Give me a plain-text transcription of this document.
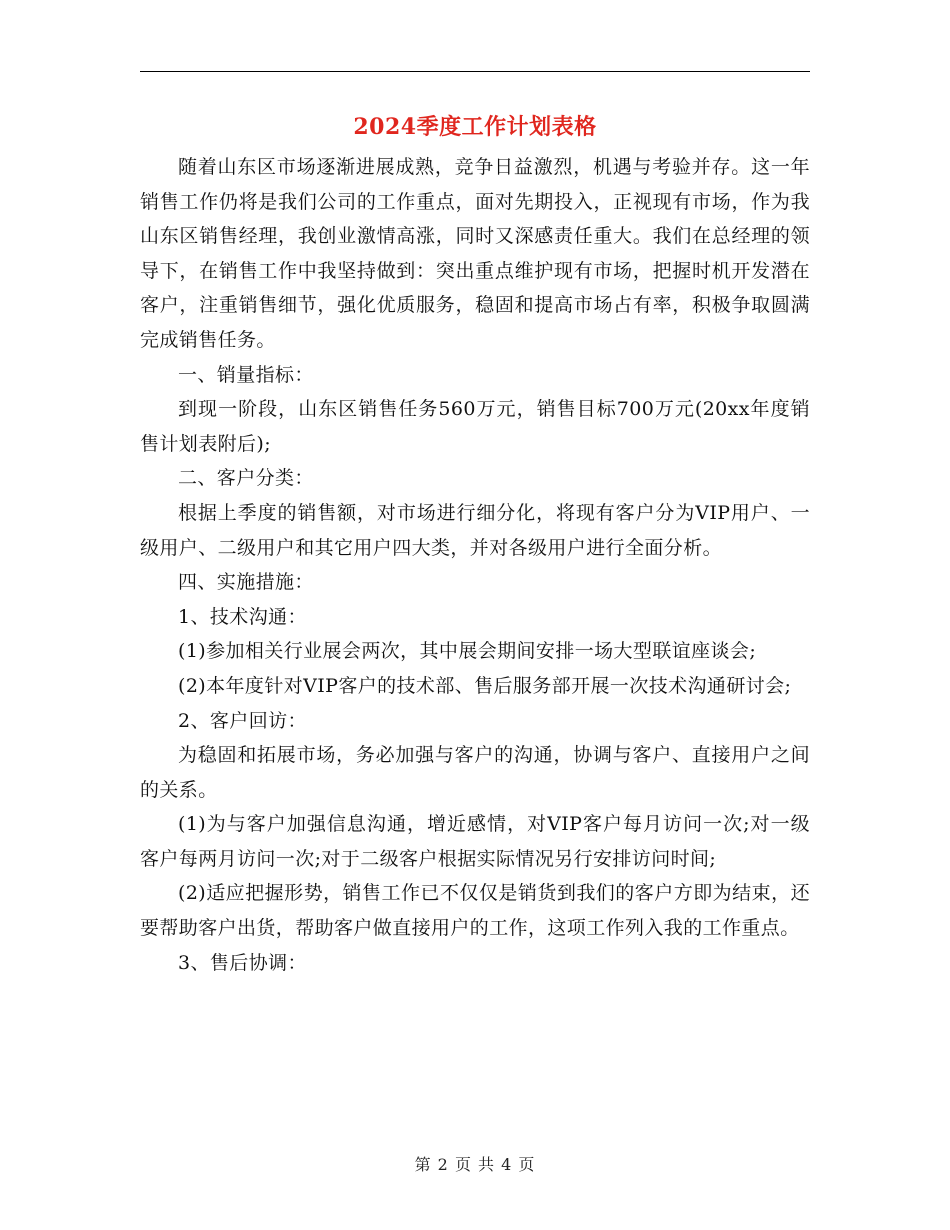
2024季度工作计划表格

随着山东区市场逐渐进展成熟，竞争日益激烈，机遇与考验并存。这一年销售工作仍将是我们公司的工作重点，面对先期投入，正视现有市场，作为我山东区销售经理，我创业激情高涨，同时又深感责任重大。我们在总经理的领导下，在销售工作中我坚持做到：突出重点维护现有市场，把握时机开发潜在客户，注重销售细节，强化优质服务，稳固和提高市场占有率，积极争取圆满完成销售任务。

一、销量指标：

到现一阶段，山东区销售任务560万元，销售目标700万元(20xx年度销售计划表附后);

二、客户分类：

根据上季度的销售额，对市场进行细分化，将现有客户分为VIP用户、一级用户、二级用户和其它用户四大类，并对各级用户进行全面分析。

四、实施措施：

1、技术沟通：

(1)参加相关行业展会两次，其中展会期间安排一场大型联谊座谈会;

(2)本年度针对VIP客户的技术部、售后服务部开展一次技术沟通研讨会;

2、客户回访：

为稳固和拓展市场，务必加强与客户的沟通，协调与客户、直接用户之间的关系。

(1)为与客户加强信息沟通，增近感情，对VIP客户每月访问一次;对一级客户每两月访问一次;对于二级客户根据实际情况另行安排访问时间;

(2)适应把握形势，销售工作已不仅仅是销货到我们的客户方即为结束，还要帮助客户出货，帮助客户做直接用户的工作，这项工作列入我的工作重点。

3、售后协调：

第 2 页 共 4 页
